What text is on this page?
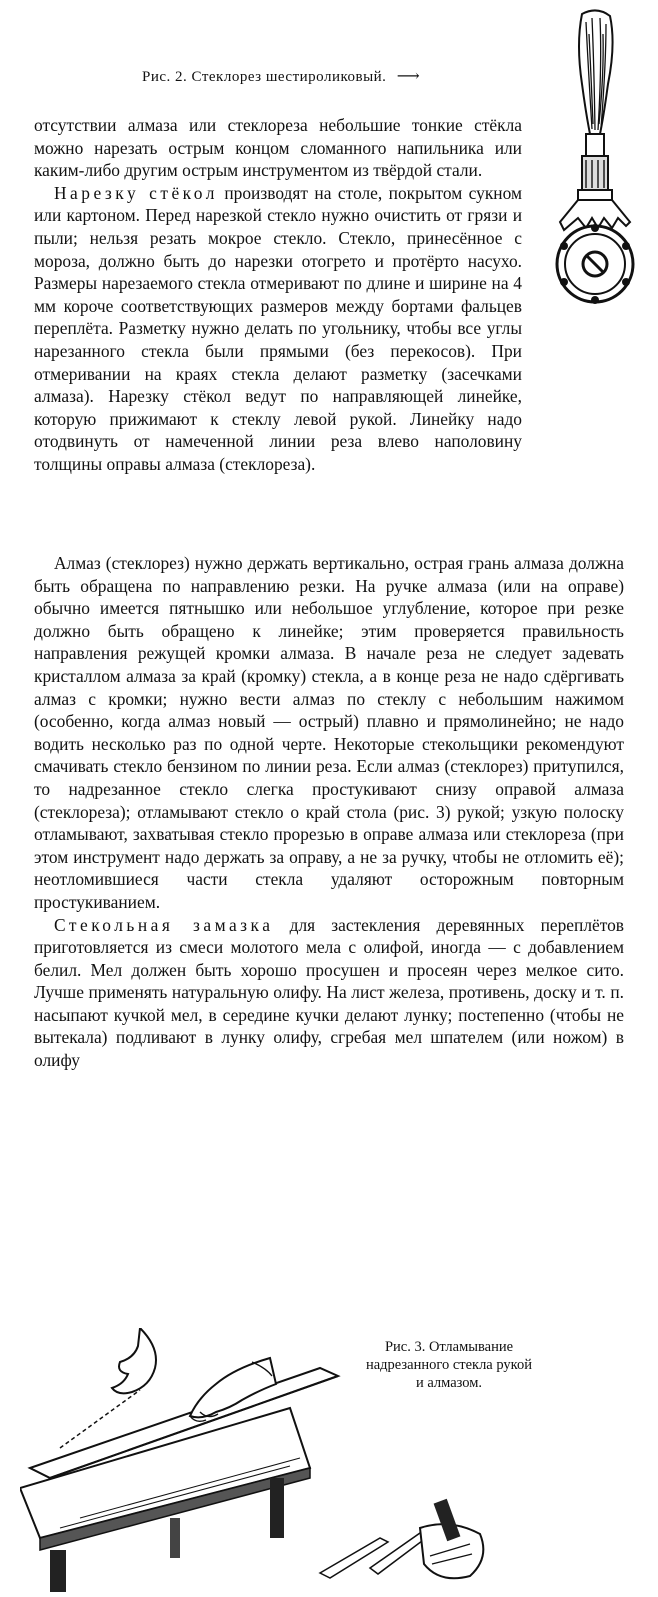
Рис. 2. Стеклорез шестироликовый. ⟶

отсутствии алмаза или стеклореза небольшие тонкие стёкла можно нарезать острым концом сломанного напильника или каким-либо другим острым инструментом из твёрдой стали.

Нарезку стёкол производят на столе, покрытом сукном или картоном. Перед нарезкой стекло нужно очистить от грязи и пыли; нельзя резать мокрое стекло. Стекло, принесённое с мороза, должно быть до нарезки отогрето и протёрто насухо. Размеры нарезаемого стекла отмеривают по длине и ширине на 4 мм короче соответствующих размеров между бортами фальцев переплёта. Разметку нужно делать по угольнику, чтобы все углы нарезанного стекла были прямыми (без перекосов). При отмеривании на краях стекла делают разметку (засечками алмаза). Нарезку стёкол ведут по направляющей линейке, которую прижимают к стеклу левой рукой. Линейку надо отодвинуть от намеченной линии реза влево наполовину толщины оправы алмаза (стеклореза).

Алмаз (стеклорез) нужно держать вертикально, острая грань алмаза должна быть обращена по направлению резки. На ручке алмаза (или на оправе) обычно имеется пятнышко или небольшое углубление, которое при резке должно быть обращено к линейке; этим проверяется правильность направления режущей кромки алмаза. В начале реза не следует задевать кристаллом алмаза за край (кромку) стекла, а в конце реза не надо сдёргивать алмаз с кромки; нужно вести алмаз по стеклу с небольшим нажимом (особенно, когда алмаз новый — острый) плавно и прямолинейно; не надо водить несколько раз по одной черте. Некоторые стекольщики рекомендуют смачивать стекло бензином по линии реза. Если алмаз (стеклорез) притупился, то надрезанное стекло слегка простукивают снизу оправой алмаза (стеклореза); отламывают стекло о край стола (рис. 3) рукой; узкую полоску отламывают, захватывая стекло прорезью в оправе алмаза или стеклореза (при этом инструмент надо держать за оправу, а не за ручку, чтобы не отломить её); неотломившиеся части стекла удаляют осторожным повторным простукиванием.

Стекольная замазка для застекления деревянных переплётов приготовляется из смеси молотого мела с олифой, иногда — с добавлением белил. Мел должен быть хорошо просушен и просеян через мелкое сито. Лучше применять натуральную олифу. На лист железа, противень, доску и т. п. насыпают кучкой мел, в середине кучки делают лунку; постепенно (чтобы не вытекала) подливают в лунку олифу, сгребая мел шпателем (или ножом) в олифу

Рис. 3. Отламывание надрезанного стекла рукой и алмазом.
